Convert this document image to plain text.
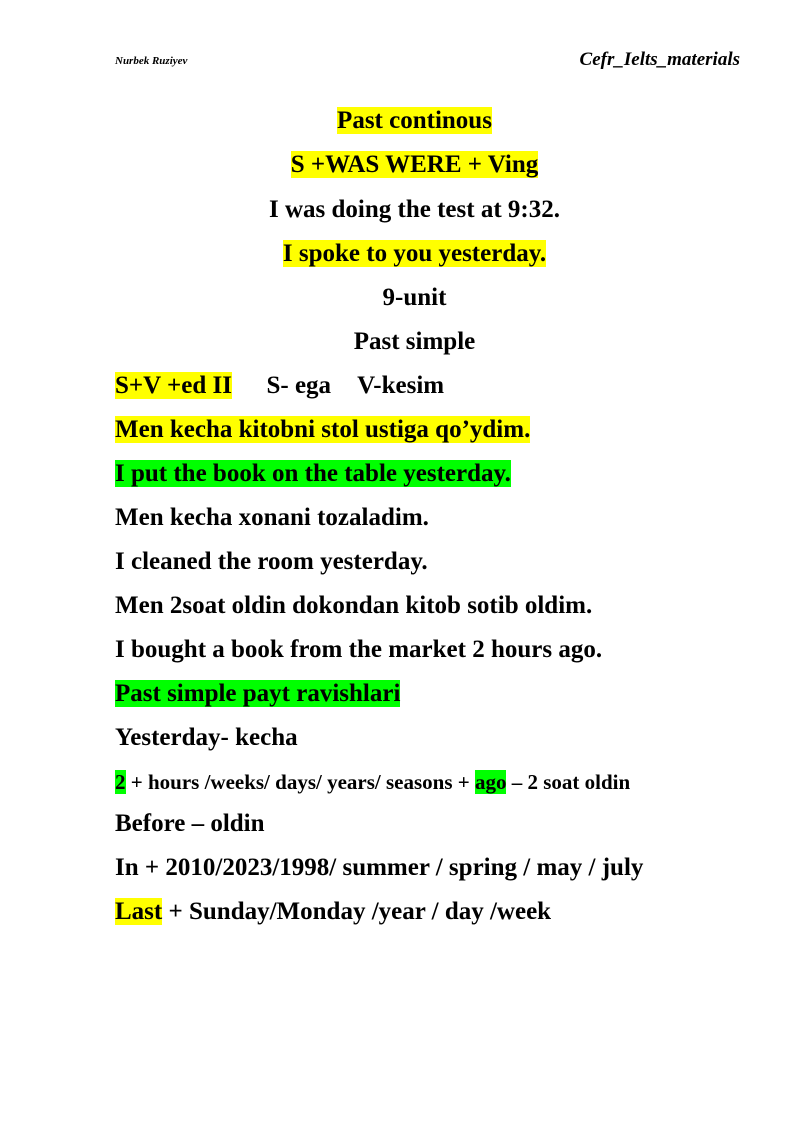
Nurbek Ruziyev	Cefr_Ielts_materials
Past continous
S +WAS WERE + Ving
I was doing the test at 9:32.
I spoke to you yesterday.
9-unit
Past simple
S+V +ed II S- ega V-kesim
Men kecha kitobni stol ustiga qo’ydim.
I put the book on the table yesterday.
Men kecha xonani tozaladim.
I cleaned the room yesterday.
Men 2soat oldin dokondan kitob sotib oldim.
I bought a book from the market 2 hours ago.
Past simple payt ravishlari
Yesterday- kecha
2 + hours /weeks/ days/ years/ seasons + ago – 2 soat oldin
Before – oldin
In + 2010/2023/1998/ summer / spring / may / july
Last + Sunday/Monday /year / day /week
